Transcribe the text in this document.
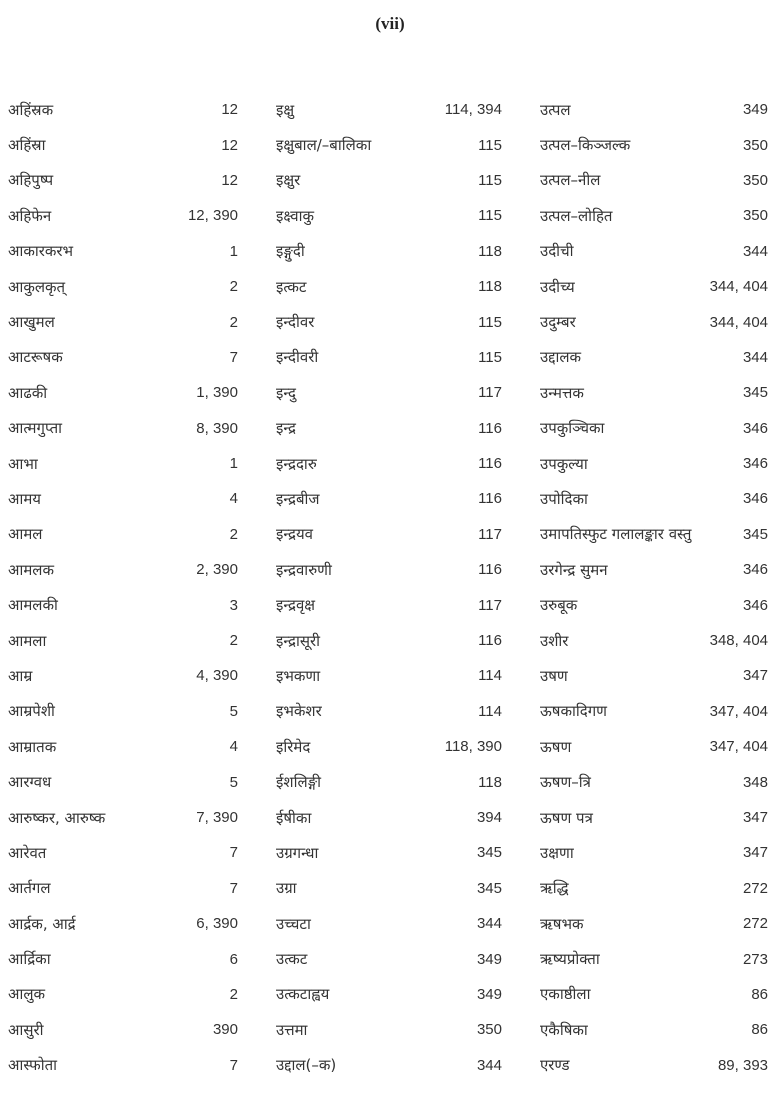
(vii)
अहिंस्रक	12
अहिंस्रा	12
अहिपुष्प	12
अहिफेन	12, 390
आकारकरभ	1
आकुलकृत्	2
आखुमल	2
आटरूषक	7
आढकी	1, 390
आत्मगुप्ता	8, 390
आभा	1
आमय	4
आमल	2
आमलक	2, 390
आमलकी	3
आमला	2
आम्र	4, 390
आम्रपेशी	5
आम्रातक	4
आरग्वध	5
आरुष्कर, आरुष्क	7, 390
आरेवत	7
आर्तगल	7
आर्द्रक, आर्द्र	6, 390
आर्द्रिका	6
आलुक	2
आसुरी	390
आस्फोता	7
इक्षु	114, 394
इक्षुबाल/–बालिका	115
इक्षुर	115
इक्ष्वाकु	115
इङ्गुदी	118
इत्कट	118
इन्दीवर	115
इन्दीवरी	115
इन्दु	117
इन्द्र	116
इन्द्रदारु	116
इन्द्रबीज	116
इन्द्रयव	117
इन्द्रवारुणी	116
इन्द्रवृक्ष	117
इन्द्रासूरी	116
इभकणा	114
इभकेशर	114
इरिमेद	118, 390
ईशलिङ्गी	118
ईषीका	394
उग्रगन्धा	345
उग्रा	345
उच्चटा	344
उत्कट	349
उत्कटाह्वय	349
उत्तमा	350
उद्दाल(–क)	344
उत्पल	349
उत्पल–किञ्जल्क	350
उत्पल–नील	350
उत्पल–लोहित	350
उदीची	344
उदीच्य	344, 404
उदुम्बर	344, 404
उद्दालक	344
उन्मत्तक	345
उपकुञ्चिका	346
उपकुल्या	346
उपोदिका	346
उमापतिस्फुट गलालङ्कार वस्तु	345
उरगेन्द्र सुमन	346
उरुबूक	346
उशीर	348, 404
उषण	347
ऊषकादिगण	347, 404
ऊषण	347, 404
ऊषण–त्रि	348
ऊषण पत्र	347
उक्षणा	347
ऋद्धि	272
ऋषभक	272
ऋष्यप्रोक्ता	273
एकाष्ठीला	86
एकैषिका	86
एरण्ड	89, 393
